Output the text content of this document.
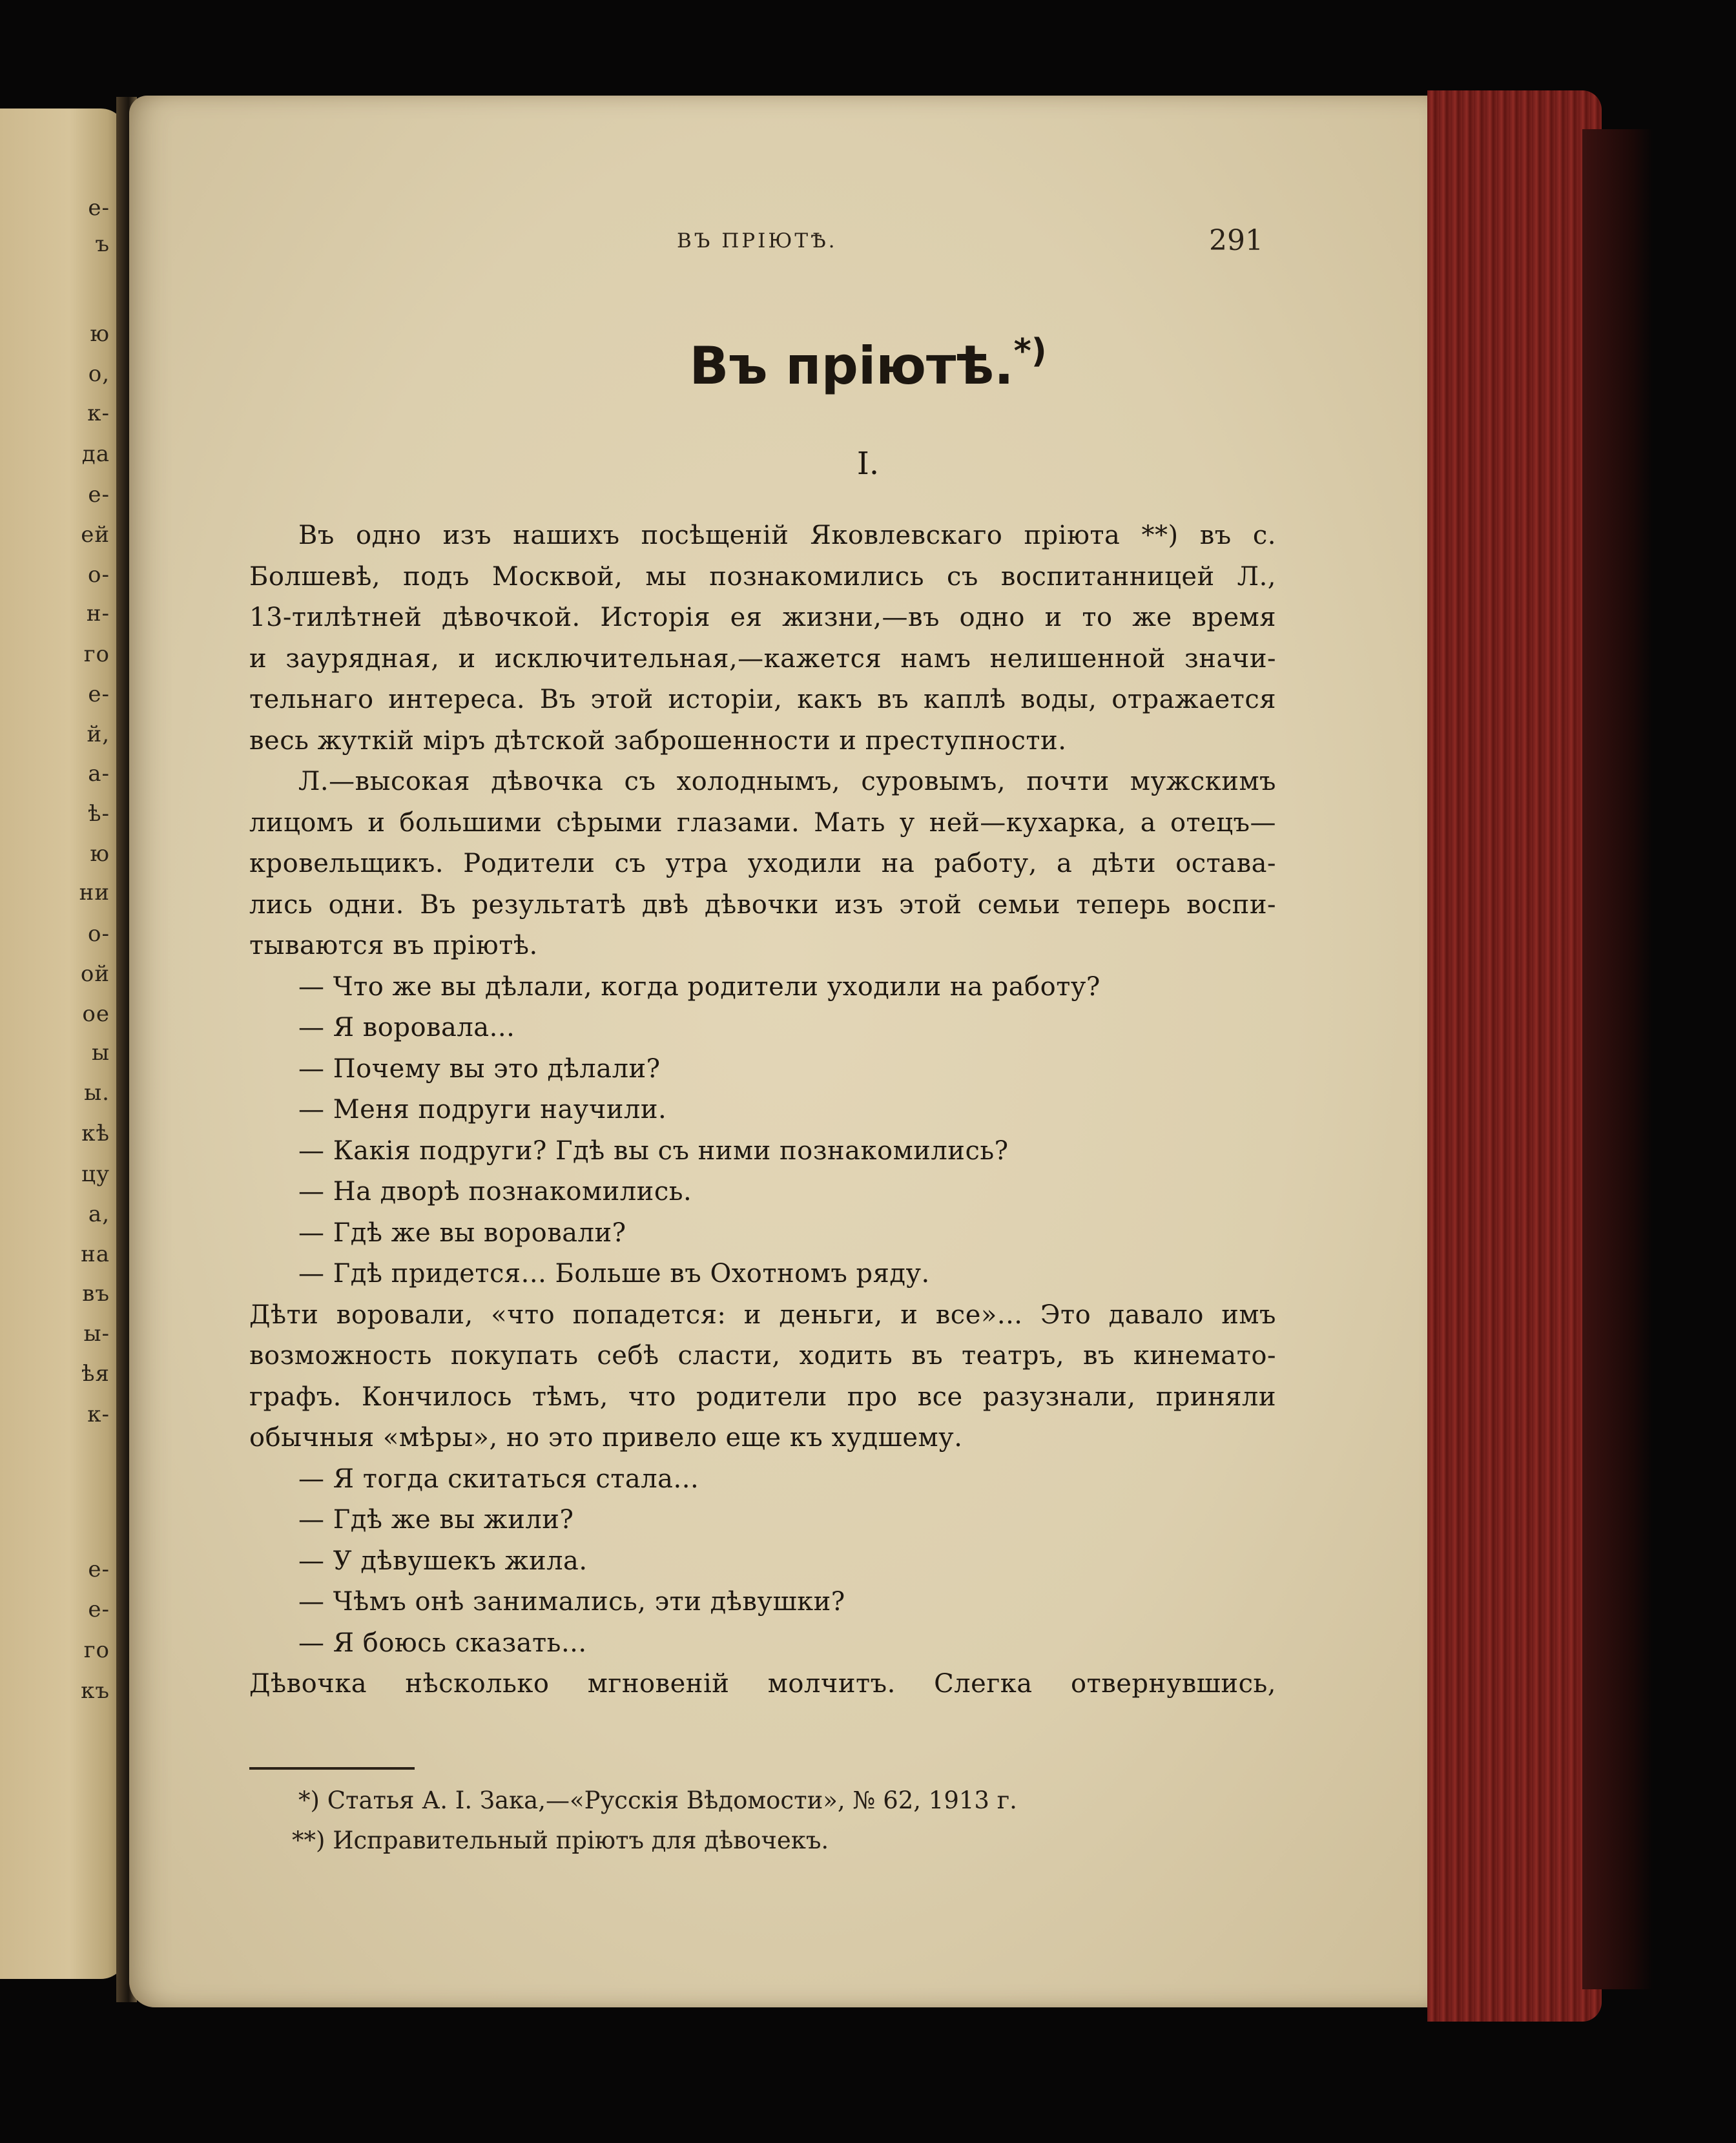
е-

ъ

ю

о,

к-

да

е-

ей

о-

н-

го

е-

й,

а-

ѣ-

ю

ни

о-

ой

ое

ы

ы.

кѣ

цу

а,

на

въ

ы-

ѣя

к-

е-

е-

го

къ

ВЪ ПРІЮТѢ.	291

Въ пріютѣ.*)

I.

Въ одно изъ нашихъ посѣщеній Яковлевскаго пріюта **) въ с.

Болшевѣ, подъ Москвой, мы познакомились съ воспитанницей Л.,

13-тилѣтней дѣвочкой. Исторія ея жизни,—въ одно и то же время

и заурядная, и исключительная,—кажется намъ нелишенной значи-

тельнаго интереса. Въ этой исторіи, какъ въ каплѣ воды, отражается

весь жуткій міръ дѣтской заброшенности и преступности.

Л.—высокая дѣвочка съ холоднымъ, суровымъ, почти мужскимъ

лицомъ и большими сѣрыми глазами. Мать у ней—кухарка, а отецъ—

кровельщикъ. Родители съ утра уходили на работу, а дѣти остава-

лись одни. Въ результатѣ двѣ дѣвочки изъ этой семьи теперь воспи-

тываются въ пріютѣ.

— Что же вы дѣлали, когда родители уходили на работу?

— Я воровала...

— Почему вы это дѣлали?

— Меня подруги научили.

— Какія подруги? Гдѣ вы съ ними познакомились?

— На дворѣ познакомились.

— Гдѣ же вы воровали?

— Гдѣ придется... Больше въ Охотномъ ряду.

Дѣти воровали, «что попадется: и деньги, и все»... Это давало имъ

возможность покупать себѣ сласти, ходить въ театръ, въ кинемато-

графъ. Кончилось тѣмъ, что родители про все разузнали, приняли

обычныя «мѣры», но это привело еще къ худшему.

— Я тогда скитаться стала...

— Гдѣ же вы жили?

— У дѣвушекъ жила.

— Чѣмъ онѣ занимались, эти дѣвушки?

— Я боюсь сказать...

Дѣвочка нѣсколько мгновеній молчитъ. Слегка отвернувшись,

*) Статья А. І. Зака,—«Русскія Вѣдомости», № 62, 1913 г.

**) Исправительный пріютъ для дѣвочекъ.
